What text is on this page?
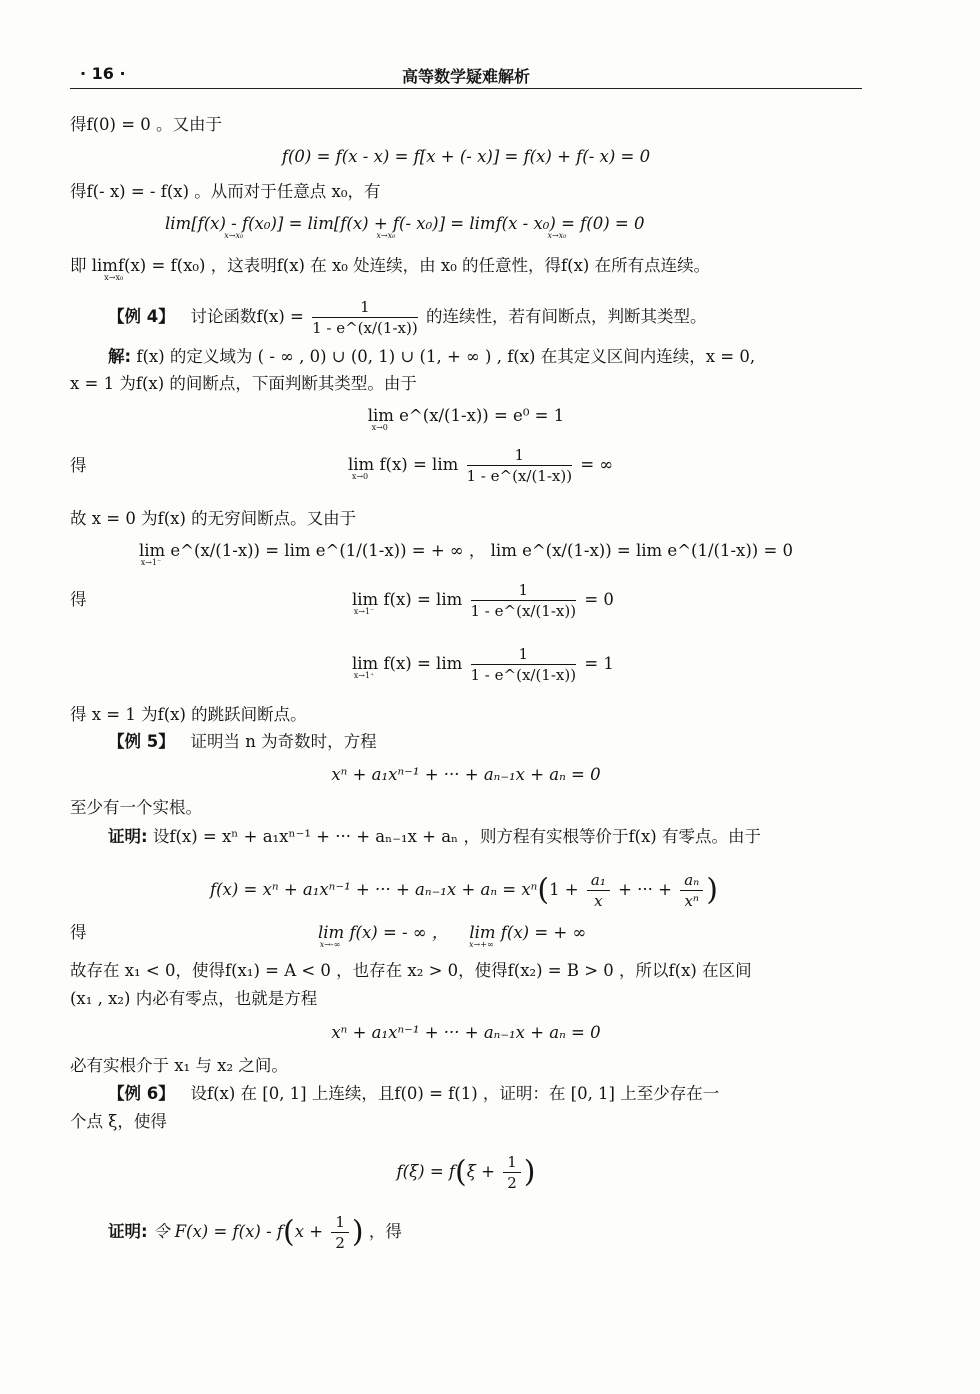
· 16 ·	高等数学疑难解析
得f(0) = 0 。又由于
f(0) = f(x - x) = f[x + (- x)] = f(x) + f(- x) = 0
得f(- x) = - f(x) 。从而对于任意点 x₀，有
lim[f(x) - f(x₀)] =
x→x₀
lim[f(x) + f(- x₀)] =
x→x₀
limf(x - x₀) = f(0) = 0
x→x₀
即 limf(x) = f(x₀) ，这表明f(x) 在 x₀ 处连续，由 x₀ 的任意性，得f(x) 在所有点连续。
x→x₀
【例 4】 讨论函数$f(x) = \frac{1}{1 - e\^{}(x/(1-x))}$ 的连续性，若有间断点，判断其类型。
解: f(x) 的定义域为 ( - ∞ , 0) ∪ (0, 1) ∪ (1, + ∞ ) , f(x) 在其定义区间内连续，x = 0,
x = 1 为f(x) 的间断点，下面判断其类型。由于
lim e^(x/(1-x)) = e⁰ = 1
x→0
得	lim f(x) = lim
x→0
	$\frac{1}{1 - e\^{}(x/(1-x))}$ = ∞
故 x = 0 为f(x) 的无穷间断点。又由于
lim e^(x/(1-x)) = lim e^(1/(1-x)) = + ∞ ， lim e^(x/(1-x)) = lim e^(1/(1-x)) = 0
x→1⁻
得	lim f(x) = lim
x→1⁻
	$\frac{1}{1 - e\^{}(x/(1-x))} = 0$
lim f(x) = lim
x→1⁺
	$\frac{1}{1 - e\^{}(x/(1-x))} = 1$
得 x = 1 为f(x) 的跳跃间断点。
【例 5】 证明当 n 为奇数时，方程
xⁿ + a₁xⁿ⁻¹ + ··· + aₙ₋₁x + aₙ = 0
至少有一个实根。
证明: 设f(x) = xⁿ + a₁xⁿ⁻¹ + ··· + aₙ₋₁x + aₙ ，则方程有实根等价于f(x) 有零点。由于
f(x) = xⁿ + a₁xⁿ⁻¹ + ··· + $a_{n-1}x + a_n = x^n(1 + \frac{\text{a₁}}{x}$ + ··· + $\frac{\text{aₙ}}{\text{xⁿ}}$ )
得	lim f(x) = - ∞ ，
x→-∞
lim f(x) = + ∞
x→+∞
故存在 x₁ < 0，使得f(x₁) = A < 0 ，也存在 x₂ > 0，使得f(x₂) = B > 0 ，所以f(x) 在区间
(x₁ , x₂) 内必有零点，也就是方程
xⁿ + a₁xⁿ⁻¹ + ··· + aₙ₋₁x + aₙ = 0
必有实根介于 x₁ 与 x₂ 之间。
【例 6】 设f(x) 在 [0, 1] 上连续，且f(0) = f(1) ，证明：在 [0, 1] 上至少存在一
个点 ξ，使得
$f(\xi) = f(\xi + \frac{1}{2}$ )
证明: 令 $F(x) = f(x) - f(x + \frac{1}{2}$ ) ，得
